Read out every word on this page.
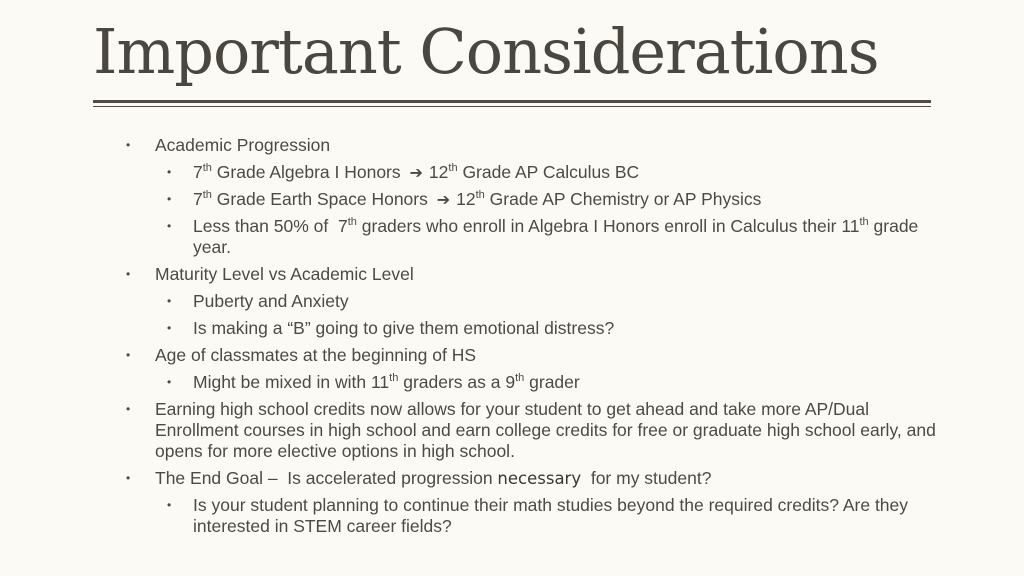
Important Considerations
•	Academic Progression
•	7th Grade Algebra I Honors ➔ 12th Grade AP Calculus BC
•	7th Grade Earth Space Honors ➔ 12th Grade AP Chemistry or AP Physics
•	Less than 50% of  7th graders who enroll in Algebra I Honors enroll in Calculus their 11th grade year.
•	Maturity Level vs Academic Level
•	Puberty and Anxiety
•	Is making a “B” going to give them emotional distress?
•	Age of classmates at the beginning of HS
•	Might be mixed in with 11th graders as a 9th grader
•	Earning high school credits now allows for your student to get ahead and take more AP/Dual Enrollment courses in high school and earn college credits for free or graduate high school early, and opens for more elective options in high school.
•	The End Goal –  Is accelerated progression necessary  for my student?
•	Is your student planning to continue their math studies beyond the required credits? Are they interested in STEM career fields?
